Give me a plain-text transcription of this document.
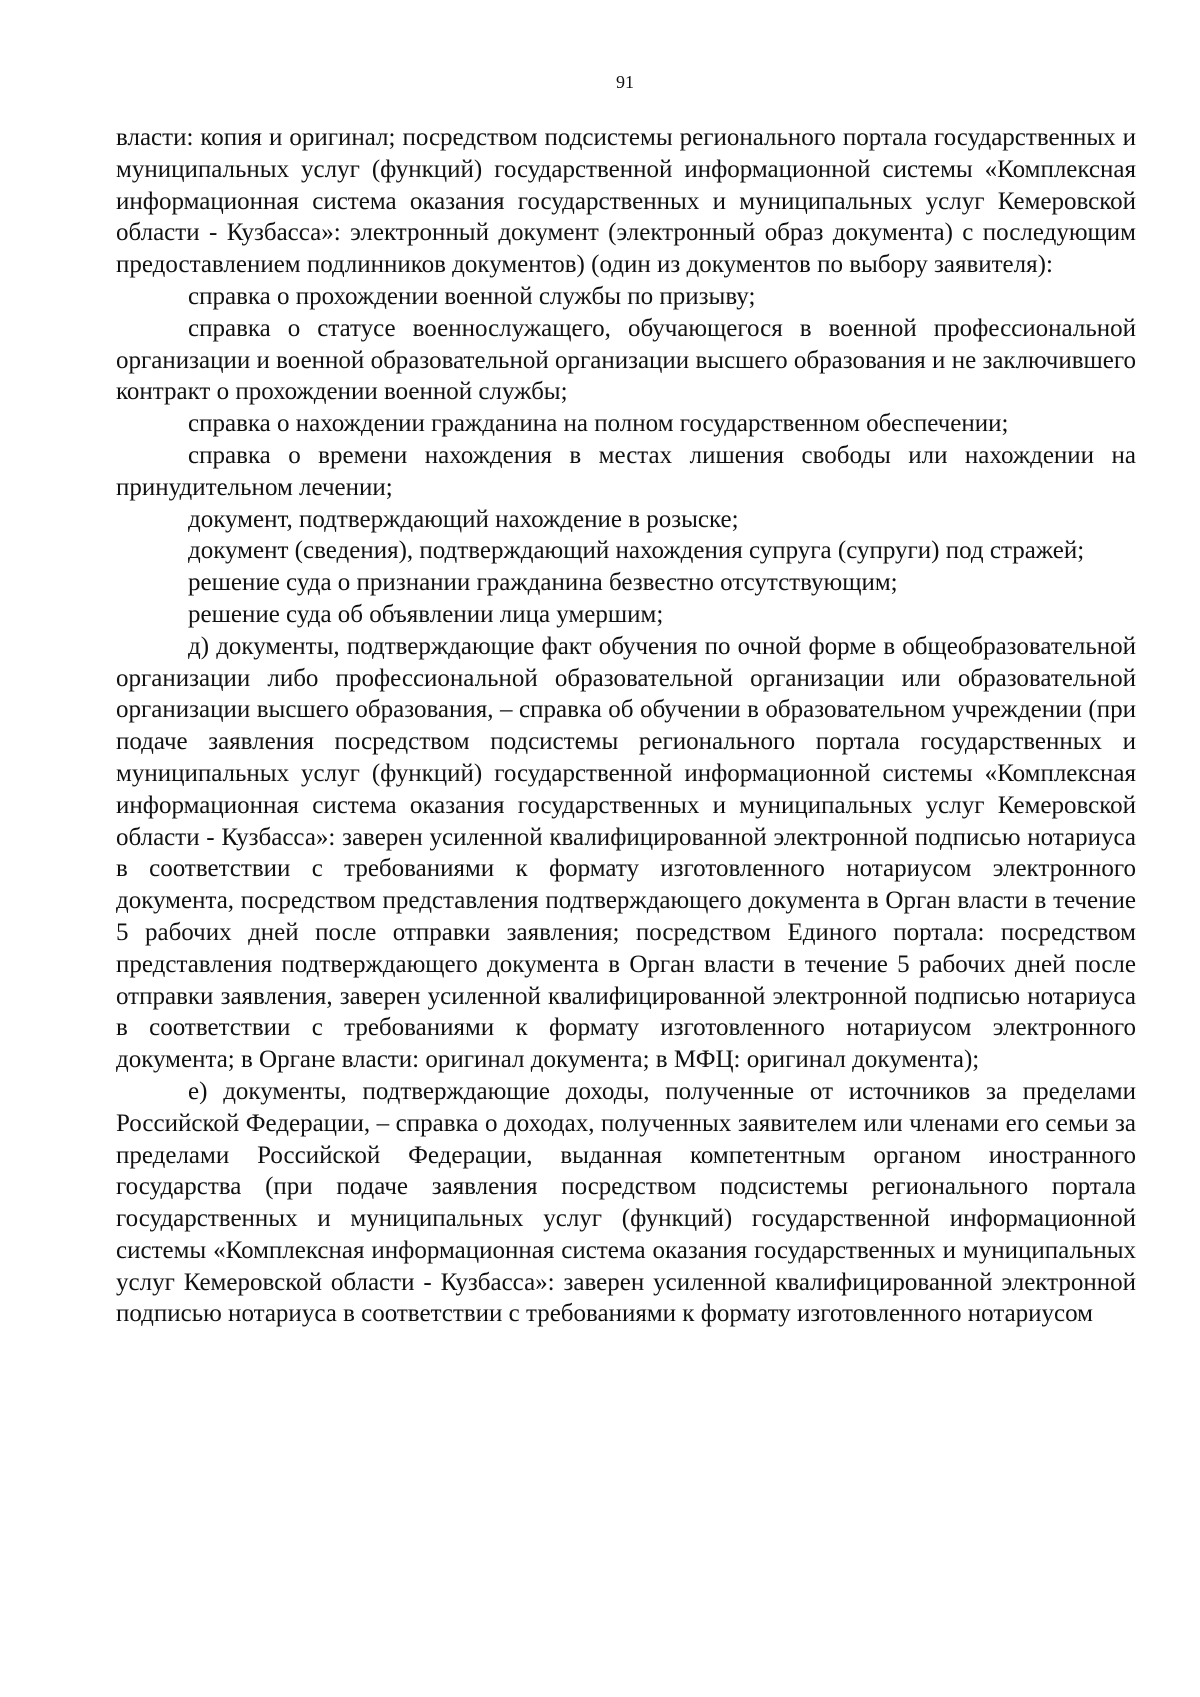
91

власти: копия и оригинал; посредством подсистемы регионального портала государственных и муниципальных услуг (функций) государственной информационной системы «Комплексная информационная система оказания государственных и муниципальных услуг Кемеровской области - Кузбасса»: электронный документ (электронный образ документа) с последующим предоставлением подлинников документов) (один из документов по выбору заявителя):

справка о прохождении военной службы по призыву;

справка о статусе военнослужащего, обучающегося в военной профессиональной организации и военной образовательной организации высшего образования и не заключившего контракт о прохождении военной службы;

справка о нахождении гражданина на полном государственном обеспечении;

справка о времени нахождения в местах лишения свободы или нахождении на принудительном лечении;

документ, подтверждающий нахождение в розыске;

документ (сведения), подтверждающий нахождения супруга (супруги) под стражей;

решение суда о признании гражданина безвестно отсутствующим;

решение суда об объявлении лица умершим;

д) документы, подтверждающие факт обучения по очной форме в общеобразовательной организации либо профессиональной образовательной организации или образовательной организации высшего образования, – справка об обучении в образовательном учреждении (при подаче заявления посредством подсистемы регионального портала государственных и муниципальных услуг (функций) государственной информационной системы «Комплексная информационная система оказания государственных и муниципальных услуг Кемеровской области - Кузбасса»: заверен усиленной квалифицированной электронной подписью нотариуса в соответствии с требованиями к формату изготовленного нотариусом электронного документа, посредством представления подтверждающего документа в Орган власти в течение 5 рабочих дней после отправки заявления; посредством Единого портала: посредством представления подтверждающего документа в Орган власти в течение 5 рабочих дней после отправки заявления, заверен усиленной квалифицированной электронной подписью нотариуса в соответствии с требованиями к формату изготовленного нотариусом электронного документа; в Органе власти: оригинал документа; в МФЦ: оригинал документа);

е) документы, подтверждающие доходы, полученные от источников за пределами Российской Федерации, – справка о доходах, полученных заявителем или членами его семьи за пределами Российской Федерации, выданная компетентным органом иностранного государства (при подаче заявления посредством подсистемы регионального портала государственных и муниципальных услуг (функций) государственной информационной системы «Комплексная информационная система оказания государственных и муниципальных услуг Кемеровской области - Кузбасса»: заверен усиленной квалифицированной электронной подписью нотариуса в соответствии с требованиями к формату изготовленного нотариусом
